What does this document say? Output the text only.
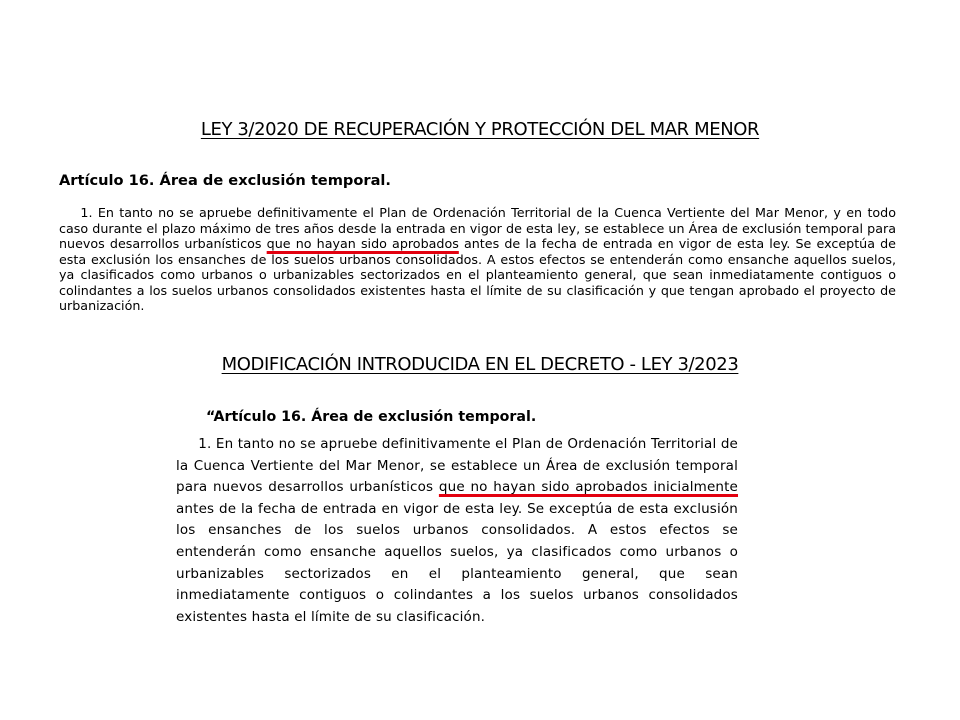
LEY 3/2020 DE RECUPERACIÓN Y PROTECCIÓN DEL MAR MENOR
Artículo 16. Área de exclusión temporal.
1. En tanto no se apruebe definitivamente el Plan de Ordenación Territorial de la Cuenca Vertiente del Mar Menor, y en todo caso durante el plazo máximo de tres años desde la entrada en vigor de esta ley, se establece un Área de exclusión temporal para nuevos desarrollos urbanísticos que no hayan sido aprobados antes de la fecha de entrada en vigor de esta ley. Se exceptúa de esta exclusión los ensanches de los suelos urbanos consolidados. A estos efectos se entenderán como ensanche aquellos suelos, ya clasificados como urbanos o urbanizables sectorizados en el planteamiento general, que sean inmediatamente contiguos o colindantes a los suelos urbanos consolidados existentes hasta el límite de su clasificación y que tengan aprobado el proyecto de urbanización.
MODIFICACIÓN INTRODUCIDA EN EL DECRETO - LEY 3/2023
“Artículo 16. Área de exclusión temporal.
1. En tanto no se apruebe definitivamente el Plan de Ordenación Territorial de la Cuenca Vertiente del Mar Menor, se establece un Área de exclusión temporal para nuevos desarrollos urbanísticos que no hayan sido aprobados inicialmente antes de la fecha de entrada en vigor de esta ley. Se exceptúa de esta exclusión los ensanches de los suelos urbanos consolidados. A estos efectos se entenderán como ensanche aquellos suelos, ya clasificados como urbanos o urbanizables sectorizados en el planteamiento general, que sean inmediatamente contiguos o colindantes a los suelos urbanos consolidados existentes hasta el límite de su clasificación.
